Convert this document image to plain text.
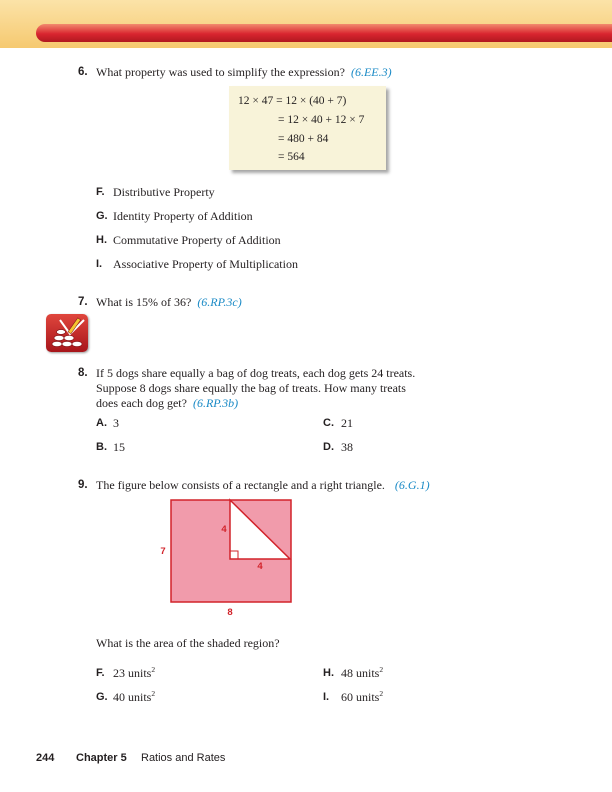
6. What property was used to simplify the expression? (6.EE.3)
12 × 47 = 12 × (40 + 7)
= 12 × 40 + 12 × 7
= 480 + 84
= 564
F. Distributive Property
G. Identity Property of Addition
H. Commutative Property of Addition
I. Associative Property of Multiplication
7. What is 15% of 36? (6.RP.3c)
8. If 5 dogs share equally a bag of dog treats, each dog gets 24 treats.
Suppose 8 dogs share equally the bag of treats. How many treats
does each dog get? (6.RP.3b)
A. 3
B. 15
C. 21
D. 38
9. The figure below consists of a rectangle and a right triangle. (6.G.1)
7
8
4
4
What is the area of the shaded region?
F. 23 units$^2$
G. 40 units$^2$
H. 48 units$^2$
I. 60 units$^2$
244 Chapter 5 Ratios and Rates
